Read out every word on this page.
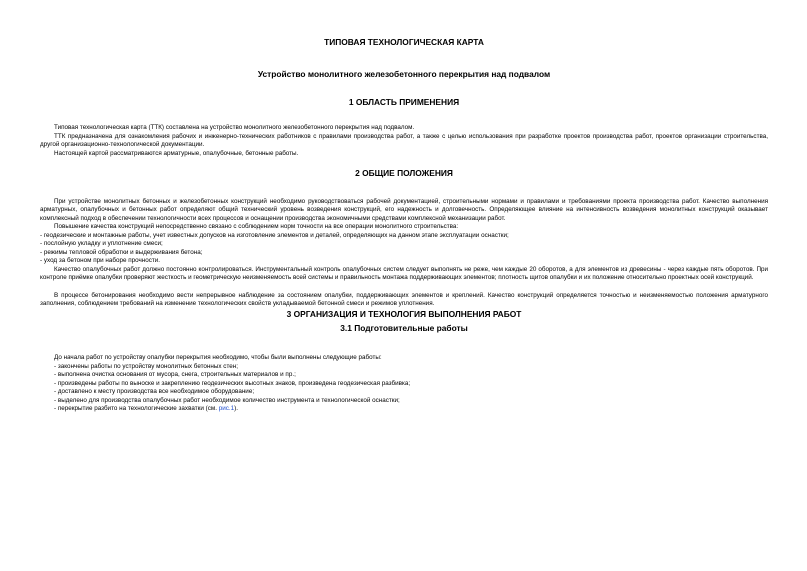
ТИПОВАЯ ТЕХНОЛОГИЧЕСКАЯ КАРТА
Устройство монолитного железобетонного перекрытия над подвалом
1 ОБЛАСТЬ ПРИМЕНЕНИЯ
Типовая технологическая карта (ТТК) составлена на устройство монолитного железобетонного перекрытия над подвалом.

ТТК предназначена для ознакомления рабочих и инженерно-технических работников с правилами производства работ, а также с целью использования при разработке проектов производства работ, проектов организации строительства, другой организационно-технологической документации.

Настоящей картой рассматриваются арматурные, опалубочные, бетонные работы.
2 ОБЩИЕ ПОЛОЖЕНИЯ

При устройстве монолитных бетонных и железобетонных конструкций необходимо руководствоваться рабочей документацией, строительными нормами и правилами и требованиями проекта производства работ. Качество выполнения арматурных, опалубочных и бетонных работ определяют общий технический уровень возведения конструкций, его надежность и долговечность. Определяющее влияние на интенсивность возведения монолитных конструкций оказывает комплексный подход в обеспечении технологичности всех процессов и оснащении производства экономичными средствами комплексной механизации работ.

Повышение качества конструкций непосредственно связано с соблюдением норм точности на все операции монолитного строительства:
- геодезические и монтажные работы, учет известных допусков на изготовление элементов и деталей, определяющих на данном этапе эксплуатации оснастки;
- послойную укладку и уплотнение смеси;
- режимы тепловой обработки и выдерживания бетона;
- уход за бетоном при наборе прочности.

Качество опалубочных работ должно постоянно контролироваться. Инструментальный контроль опалубочных систем следует выполнять не реже, чем каждые 20 оборотов, а для элементов из древесины - через каждые пять оборотов. При контроле приёмке опалубки проверяют жесткость и геометрическую неизменяемость всей системы и правильность монтажа поддерживающих элементов; плотность щитов опалубки и их положение относительно проектных осей конструкций.

В процессе бетонирования необходимо вести непрерывное наблюдение за состоянием опалубки, поддерживающих элементов и креплений. Качество конструкций определяется точностью и неизменяемостью положения арматурного заполнения, соблюдением требований на изменение технологических свойств укладываемой бетонной смеси и режимов уплотнения.

3 ОРГАНИЗАЦИЯ И ТЕХНОЛОГИЯ ВЫПОЛНЕНИЯ РАБОТ
3.1 Подготовительные работы
До начала работ по устройству опалубки перекрытия необходимо, чтобы были выполнены следующие работы:
- закончены работы по устройству монолитных бетонных стен;
- выполнена очистка основания от мусора, снега, строительных материалов и пр.;
- произведены работы по выноске и закреплению геодезических высотных знаков, произведена геодезическая разбивка;
- доставлено к месту производства все необходимое оборудование;
- выделено для производства опалубочных работ необходимое количество инструмента и технологической оснастки;
- перекрытие разбито на технологические захватки (см. рис.1).
